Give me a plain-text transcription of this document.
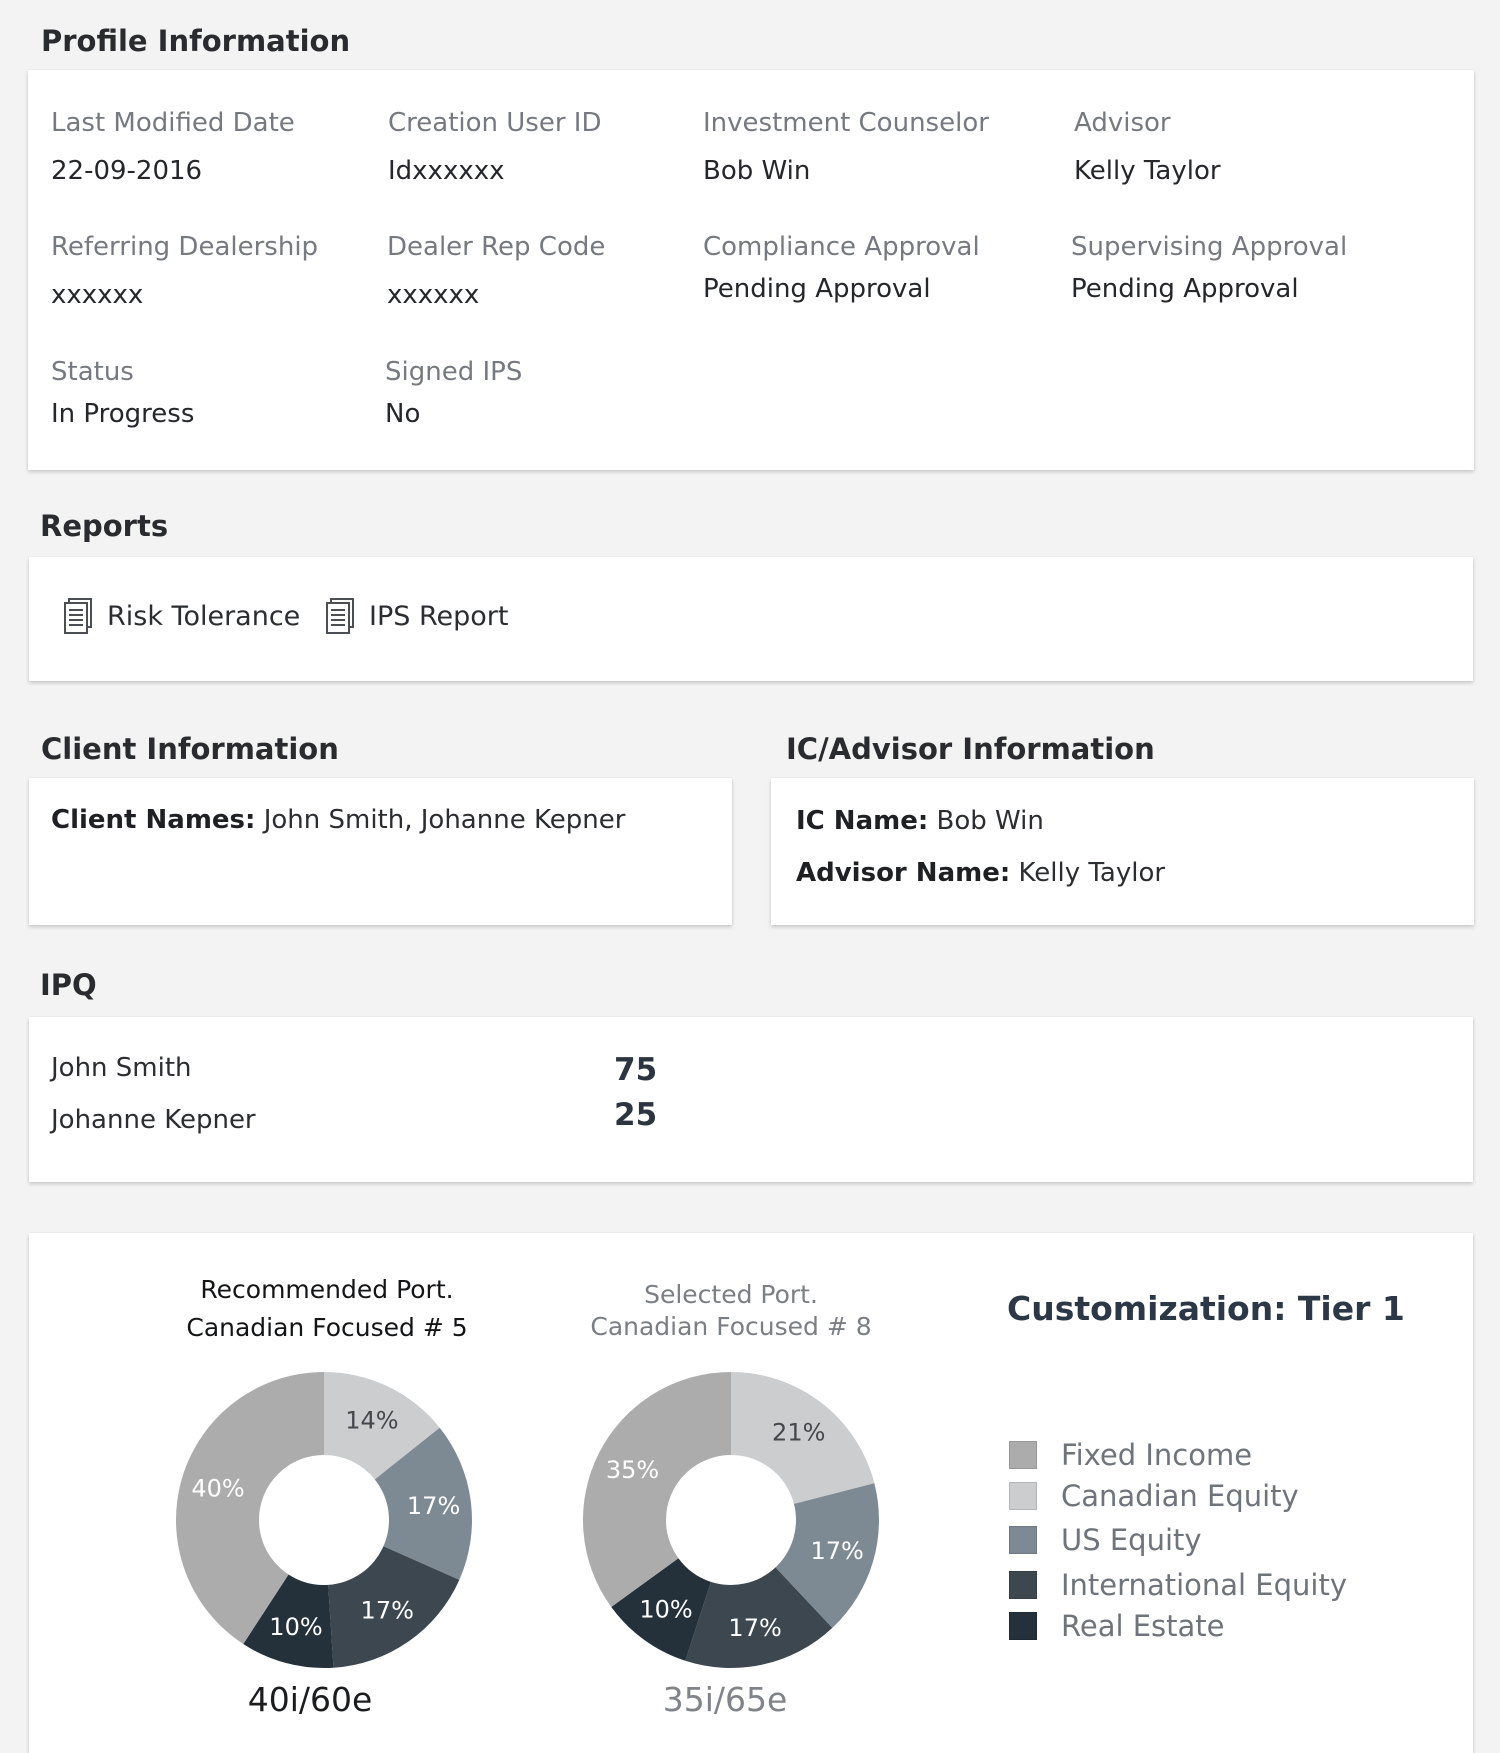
Profile Information
Last Modified Date
22-09-2016
Creation User ID
Idxxxxxx
Investment Counselor
Bob Win
Advisor
Kelly Taylor
Referring Dealership
xxxxxx
Dealer Rep Code
xxxxxx
Compliance Approval
Pending Approval
Supervising Approval
Pending Approval
Status
In Progress
Signed IPS
No
Reports
Risk Tolerance	IPS Report
Client Information
Client Names: John Smith, Johanne Kepner
IC/Advisor Information
IC Name: Bob Win
Advisor Name: Kelly Taylor
IPQ
John Smith	75
Johanne Kepner	25
Recommended Port.
Canadian Focused # 5
Selected Port.
Canadian Focused # 8
14%
17%
17%
10%
40%
21%
17%
17%
10%
35%
40i/60e	35i/65e
Customization: Tier 1
Fixed Income
Canadian Equity
US Equity
International Equity
Real Estate
